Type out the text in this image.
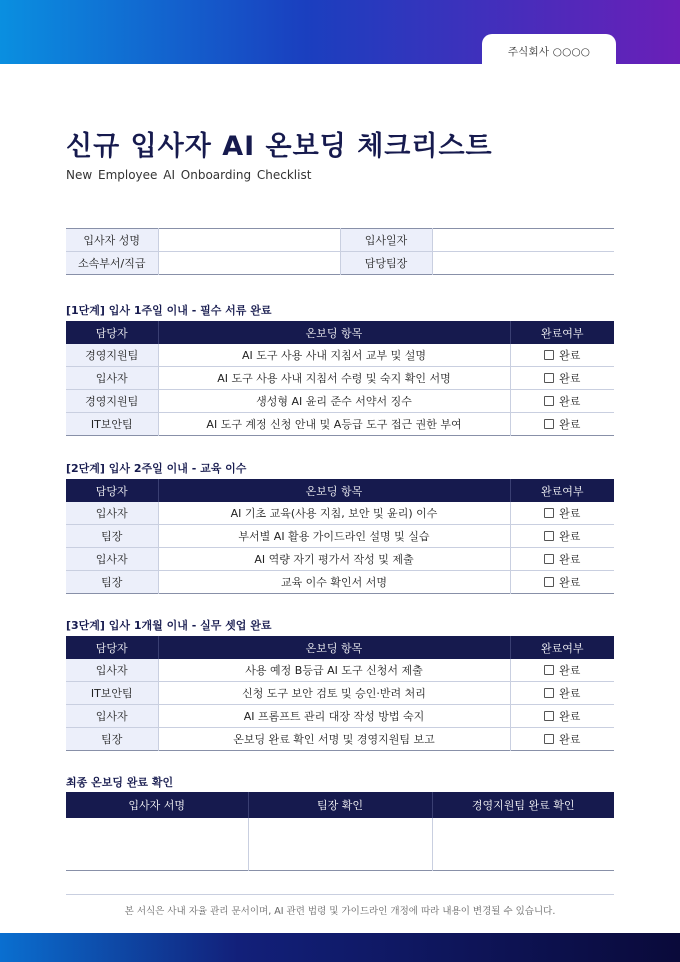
주식회사 ○○○○
신규 입사자 AI 온보딩 체크리스트
New Employee AI Onboarding Checklist
입사자 성명		입사일자	
소속부서/직급		담당팀장	
[1단계] 입사 1주일 이내 - 필수 서류 완료
담당자	온보딩 항목	완료여부
경영지원팀	AI 도구 사용 사내 지침서 교부 및 설명	완료

입사자	AI 도구 사용 사내 지침서 수령 및 숙지 확인 서명	완료

경영지원팀	생성형 AI 윤리 준수 서약서 징수	완료

IT보안팀	AI 도구 계정 신청 안내 및 A등급 도구 접근 권한 부여	완료
[2단계] 입사 2주일 이내 - 교육 이수
담당자	온보딩 항목	완료여부
입사자	AI 기초 교육(사용 지침, 보안 및 윤리) 이수	완료

팀장	부서별 AI 활용 가이드라인 설명 및 실습	완료

입사자	AI 역량 자기 평가서 작성 및 제출	완료

팀장	교육 이수 확인서 서명	완료
[3단계] 입사 1개월 이내 - 실무 셋업 완료
담당자	온보딩 항목	완료여부
입사자	사용 예정 B등급 AI 도구 신청서 제출	완료

IT보안팀	신청 도구 보안 검토 및 승인·반려 처리	완료

입사자	AI 프롬프트 관리 대장 작성 방법 숙지	완료

팀장	온보딩 완료 확인 서명 및 경영지원팀 보고	완료
최종 온보딩 완료 확인
입사자 서명	팀장 확인	경영지원팀 완료 확인

본 서식은 사내 자율 관리 문서이며, AI 관련 법령 및 가이드라인 개정에 따라 내용이 변경될 수 있습니다.
